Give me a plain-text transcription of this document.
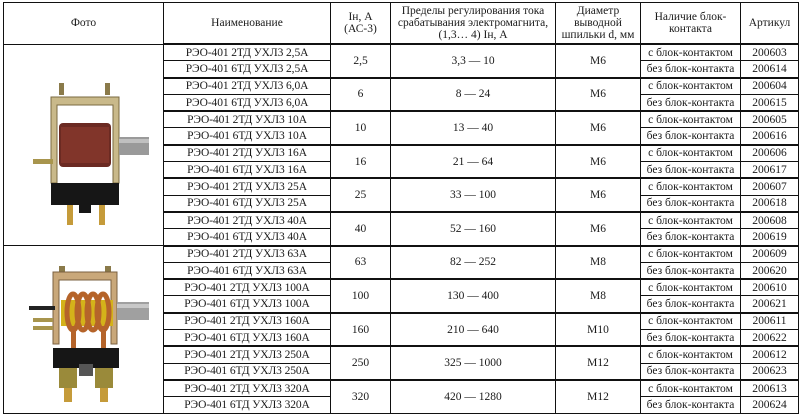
Фото	Наименование	Iн, А (АС-3)	Пределы регулирования тока срабатывания электромагнита, (1,3… 4) Iн, А	Диаметр выводной шпильки d, мм	Наличие блок-контакта	Артикул

	РЭО-401 2ТД УХЛ3 2,5А	2,5	3,3 — 10	М6	с блок-контактом	200603
	РЭО-401 6ТД УХЛ3 2,5А				без блок-контакта	200614
	РЭО-401 2ТД УХЛ3 6,0А	6	8 — 24	М6	с блок-контактом	200604
	РЭО-401 6ТД УХЛ3 6,0А				без блок-контакта	200615
	РЭО-401 2ТД УХЛ3 10А	10	13 — 40	М6	с блок-контактом	200605
	РЭО-401 6ТД УХЛ3 10А				без блок-контакта	200616
	РЭО-401 2ТД УХЛ3 16А	16	21 — 64	М6	с блок-контактом	200606
	РЭО-401 6ТД УХЛ3 16А				без блок-контакта	200617
	РЭО-401 2ТД УХЛ3 25А	25	33 — 100	М6	с блок-контактом	200607
	РЭО-401 6ТД УХЛ3 25А				без блок-контакта	200618
	РЭО-401 2ТД УХЛ3 40А	40	52 — 160	М6	с блок-контактом	200608
	РЭО-401 6ТД УХЛ3 40А				без блок-контакта	200619

	РЭО-401 2ТД УХЛ3 63А	63	82 — 252	М8	с блок-контактом	200609
	РЭО-401 6ТД УХЛ3 63А				без блок-контакта	200620
	РЭО-401 2ТД УХЛ3 100А	100	130 — 400	М8	с блок-контактом	200610
	РЭО-401 6ТД УХЛ3 100А				без блок-контакта	200621
	РЭО-401 2ТД УХЛ3 160А	160	210 — 640	М10	с блок-контактом	200611
	РЭО-401 6ТД УХЛ3 160А				без блок-контакта	200622
	РЭО-401 2ТД УХЛ3 250А	250	325 — 1000	М12	с блок-контактом	200612
	РЭО-401 6ТД УХЛ3 250А				без блок-контакта	200623
	РЭО-401 2ТД УХЛ3 320А	320	420 — 1280	М12	с блок-контактом	200613
	РЭО-401 6ТД УХЛ3 320А				без блок-контакта	200624
